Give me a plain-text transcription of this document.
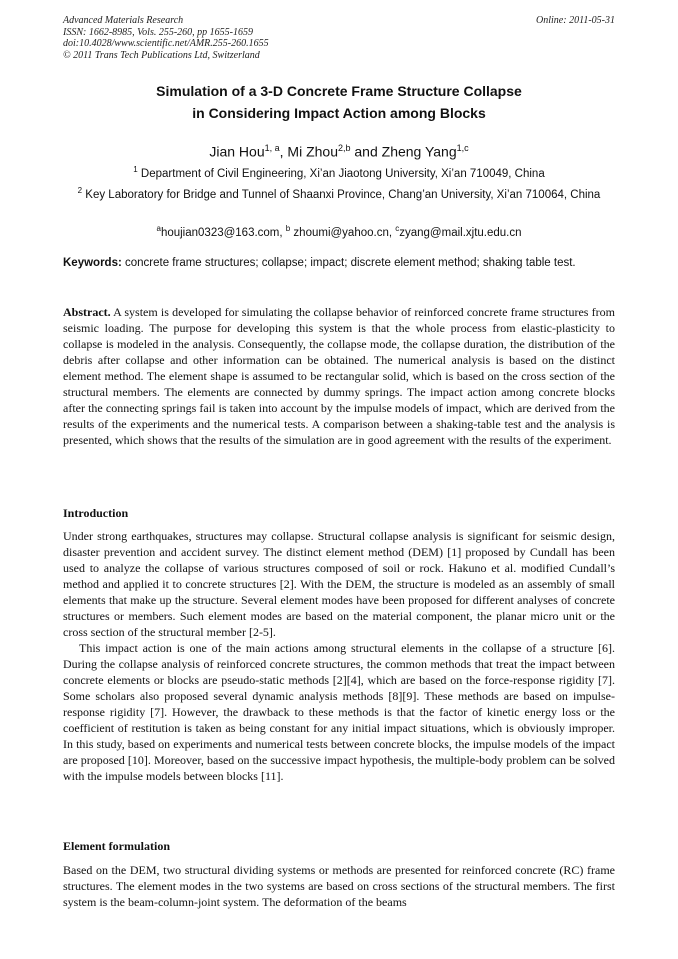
Advanced Materials Research
ISSN: 1662-8985, Vols. 255-260, pp 1655-1659
doi:10.4028/www.scientific.net/AMR.255-260.1655
© 2011 Trans Tech Publications Ltd, Switzerland
Online: 2011-05-31
Simulation of a 3-D Concrete Frame Structure Collapse
in Considering Impact Action among Blocks
Jian Hou$^{1, a}$, Mi Zhou$^{2,b}$ and Zheng Yang$^{1,c}$
$^1$ Department of Civil Engineering, Xi’an Jiaotong University, Xi’an 710049, China
$^2$ Key Laboratory for Bridge and Tunnel of Shaanxi Province, Chang’an University, Xi’an 710064, China
$^a$houjian0323@163.com, $^b$ zhoumi@yahoo.cn, $^c$zyang@mail.xjtu.edu.cn
Keywords: concrete frame structures; collapse; impact; discrete element method; shaking table test.

Abstract. A system is developed for simulating the collapse behavior of reinforced concrete frame structures from seismic loading. The purpose for developing this system is that the whole process from elastic-plasticity to collapse is modeled in the analysis. Consequently, the collapse mode, the collapse duration, the distribution of the debris after collapse and other information can be obtained. The numerical analysis is based on the distinct element method. The element shape is assumed to be rectangular solid, which is based on the cross section of the structural members. The elements are connected by dummy springs. The impact action among concrete blocks after the connecting springs fail is taken into account by the impulse models of impact, which are derived from the results of the experiments and the numerical tests. A comparison between a shaking-table test and the analysis is presented, which shows that the results of the simulation are in good agreement with the results of the experiment.

Introduction

Under strong earthquakes, structures may collapse. Structural collapse analysis is significant for seismic design, disaster prevention and accident survey. The distinct element method (DEM) [1] proposed by Cundall has been used to analyze the collapse of various structures composed of soil or rock. Hakuno et al. modified Cundall’s method and applied it to concrete structures [2]. With the DEM, the structure is modeled as an assembly of small elements that make up the structure. Several element modes have been proposed for different analyses of concrete structures or members. Such element modes are based on the material component, the planar micro unit or the cross section of the structural member [2-5].

This impact action is one of the main actions among structural elements in the collapse of a structure [6]. During the collapse analysis of reinforced concrete structures, the common methods that treat the impact between concrete elements or blocks are pseudo-static methods [2][4], which are based on the force-response rigidity [7]. Some scholars also proposed several dynamic analysis methods [8][9]. These methods are based on impulse-response rigidity [7]. However, the drawback to these methods is that the factor of kinetic energy loss or the coefficient of restitution is taken as being constant for any initial impact situations, which is obviously improper. In this study, based on experiments and numerical tests between concrete blocks, the impulse models of the impact are proposed [10]. Moreover, based on the successive impact hypothesis, the multiple-body problem can be solved with the impulse models between blocks [11].

Element formulation

Based on the DEM, two structural dividing systems or methods are presented for reinforced concrete (RC) frame structures. The element modes in the two systems are based on cross sections of the structural members. The first system is the beam-column-joint system. The deformation of the beams
